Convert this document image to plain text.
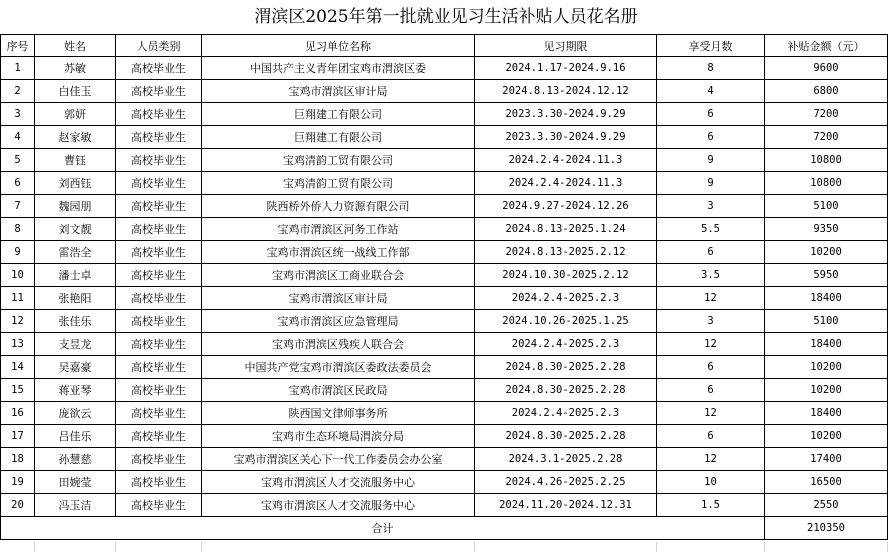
渭滨区2025年第一批就业见习生活补贴人员花名册
序号	姓名	人员类别	见习单位名称	见习期限	享受月数	补贴金额（元）
1	苏敏	高校毕业生	中国共产主义青年团宝鸡市渭滨区委	2024.1.17-2024.9.16	8	9600
2	白佳玉	高校毕业生	宝鸡市渭滨区审计局	2024.8.13-2024.12.12	4	6800
3	郭妍	高校毕业生	巨翔建工有限公司	2023.3.30-2024.9.29	6	7200
4	赵家敏	高校毕业生	巨翔建工有限公司	2023.3.30-2024.9.29	6	7200
5	曹钰	高校毕业生	宝鸡清韵工贸有限公司	2024.2.4-2024.11.3	9	10800
6	刘西钰	高校毕业生	宝鸡清韵工贸有限公司	2024.2.4-2024.11.3	9	10800
7	魏园朋	高校毕业生	陕西桥外侨人力资源有限公司	2024.9.27-2024.12.26	3	5100
8	刘文靓	高校毕业生	宝鸡市渭滨区河务工作站	2024.8.13-2025.1.24	5.5	9350
9	雷浩全	高校毕业生	宝鸡市渭滨区统一战线工作部	2024.8.13-2025.2.12	6	10200
10	潘士卓	高校毕业生	宝鸡市渭滨区工商业联合会	2024.10.30-2025.2.12	3.5	5950
11	张艳阳	高校毕业生	宝鸡市渭滨区审计局	2024.2.4-2025.2.3	12	18400
12	张佳乐	高校毕业生	宝鸡市渭滨区应急管理局	2024.10.26-2025.1.25	3	5100
13	支昱龙	高校毕业生	宝鸡市渭滨区残疾人联合会	2024.2.4-2025.2.3	12	18400
14	吴嘉豪	高校毕业生	中国共产党宝鸡市渭滨区委政法委员会	2024.8.30-2025.2.28	6	10200
15	蒋亚琴	高校毕业生	宝鸡市渭滨区民政局	2024.8.30-2025.2.28	6	10200
16	庞欲云	高校毕业生	陕西国文律师事务所	2024.2.4-2025.2.3	12	18400
17	吕佳乐	高校毕业生	宝鸡市生态环境局渭滨分局	2024.8.30-2025.2.28	6	10200
18	孙慧慈	高校毕业生	宝鸡市渭滨区关心下一代工作委员会办公室	2024.3.1-2025.2.28	12	17400
19	田婉莹	高校毕业生	宝鸡市渭滨区人才交流服务中心	2024.4.26-2025.2.25	10	16500
20	冯玉洁	高校毕业生	宝鸡市渭滨区人才交流服务中心	2024.11.20-2024.12.31	1.5	2550
合计						210350
